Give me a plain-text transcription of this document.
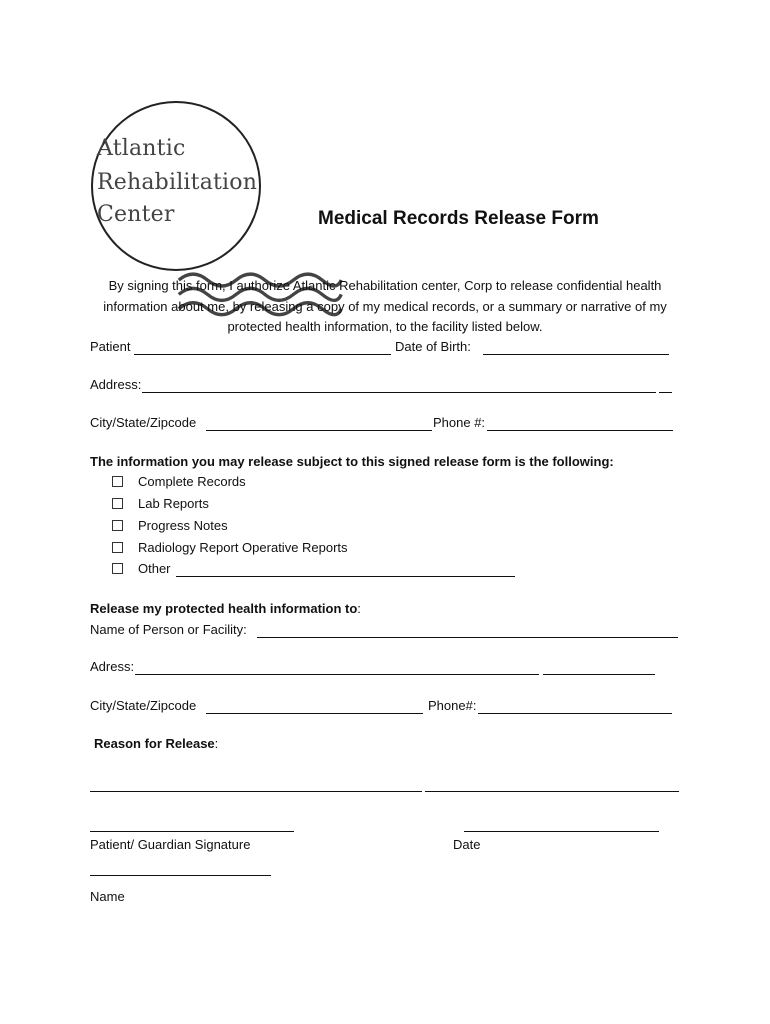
Atlantic
Rehabilitation
Center	Medical Records Release Form
By signing this form, I authorize Atlantic Rehabilitation center, Corp to release confidential health information about me, by releasing a copy of my medical records, or a summary or narrative of my protected health information, to the facility listed below.
Patient	Date of Birth:
Address:
City/State/Zipcode	Phone #:
The information you may release subject to this signed release form is the following:
Complete Records
Lab Reports
Progress Notes
Radiology Report Operative Reports
Other
Release my protected health information to:
Name of Person or Facility:
Adress:
City/State/Zipcode	Phone#:
Reason for Release:
Patient/ Guardian Signature	Date
Name
